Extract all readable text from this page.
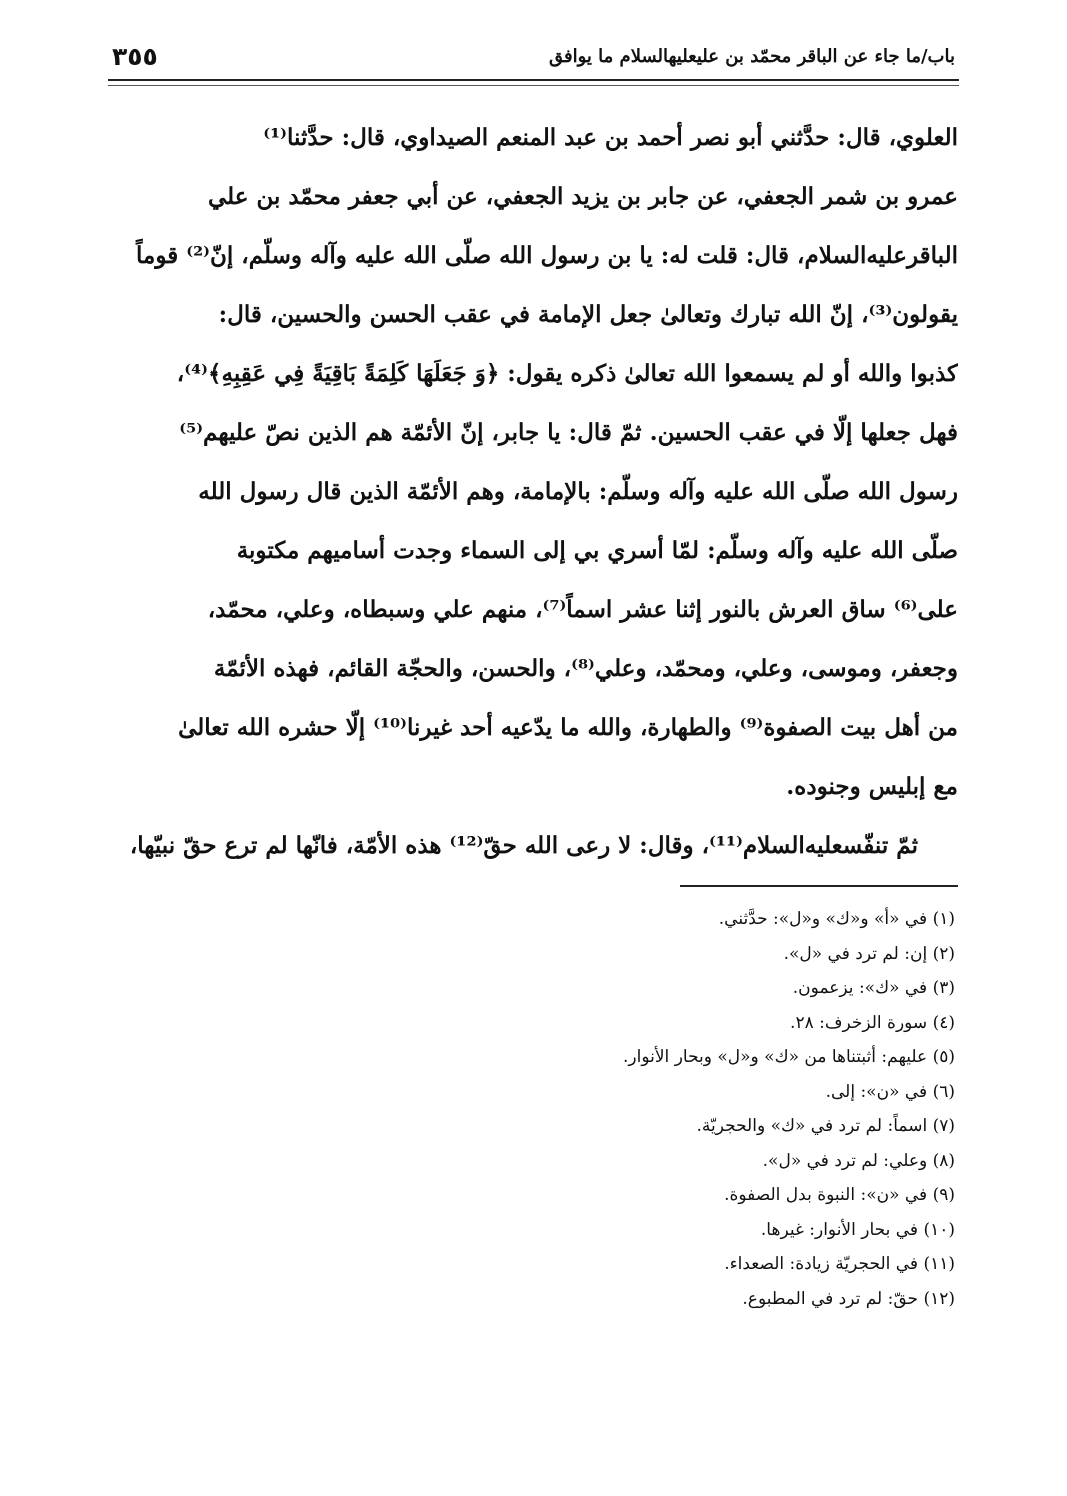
٣٥٥	باب/ما جاء عن الباقر محمّد بن عليعليهالسلام ما يوافق
العلوي، قال: حدَّثني أبو نصر أحمد بن عبد المنعم الصيداوي، قال: حدَّثنا⁽¹⁾
عمرو بن شمر الجعفي، عن جابر بن يزيد الجعفي، عن أبي جعفر محمّد بن علي
الباقرعليه‌السلام، قال: قلت له: يا بن رسول الله صلّى الله عليه وآله وسلّم، إنّ⁽²⁾ قوماً
يقولون⁽³⁾، إنّ الله تبارك وتعالىٰ جعل الإمامة في عقب الحسن والحسين، قال:
كذبوا والله أو لم يسمعوا الله تعالىٰ ذكره يقول: ﴿وَ جَعَلَهَا كَلِمَةً بَاقِيَةً فِي عَقِبِهِ﴾⁽⁴⁾،
فهل جعلها إلّا في عقب الحسين. ثمّ قال: يا جابر، إنّ الأئمّة هم الذين نصّ عليهم⁽⁵⁾
رسول الله صلّى الله عليه وآله وسلّم: بالإمامة، وهم الأئمّة الذين قال رسول الله
صلّى الله عليه وآله وسلّم: لمّا أسري بي إلى السماء وجدت أساميهم مكتوبة
على⁽⁶⁾ ساق العرش بالنور إثنا عشر اسماً⁽⁷⁾، منهم علي وسبطاه، وعلي، محمّد،
وجعفر، وموسى، وعلي، ومحمّد، وعلي⁽⁸⁾، والحسن، والحجّة القائم، فهذه الأئمّة
من أهل بيت الصفوة⁽⁹⁾ والطهارة، والله ما يدّعيه أحد غيرنا⁽¹⁰⁾ إلّا حشره الله تعالىٰ
مع إبليس وجنوده.
ثمّ تنفّسعليه‌السلام⁽¹¹⁾، وقال: لا رعى الله حقّ⁽¹²⁾ هذه الأمّة، فانّها لم ترع حقّ نبيّها،
(١) في «أ» و«ك» و«ل»: حدَّثني.
(٢) إن: لم ترد في «ل».
(٣) في «ك»: يزعمون.
(٤) سورة الزخرف: ٢٨.
(٥) عليهم: أثبتناها من «ك» و«ل» وبحار الأنوار.
(٦) في «ن»: إلى.
(٧) اسماً: لم ترد في «ك» والحجريّة.
(٨) وعلي: لم ترد في «ل».
(٩) في «ن»: النبوة بدل الصفوة.
(١٠) في بحار الأنوار: غيرها.
(١١) في الحجريّة زيادة: الصعداء.
(١٢) حقّ: لم ترد في المطبوع.
